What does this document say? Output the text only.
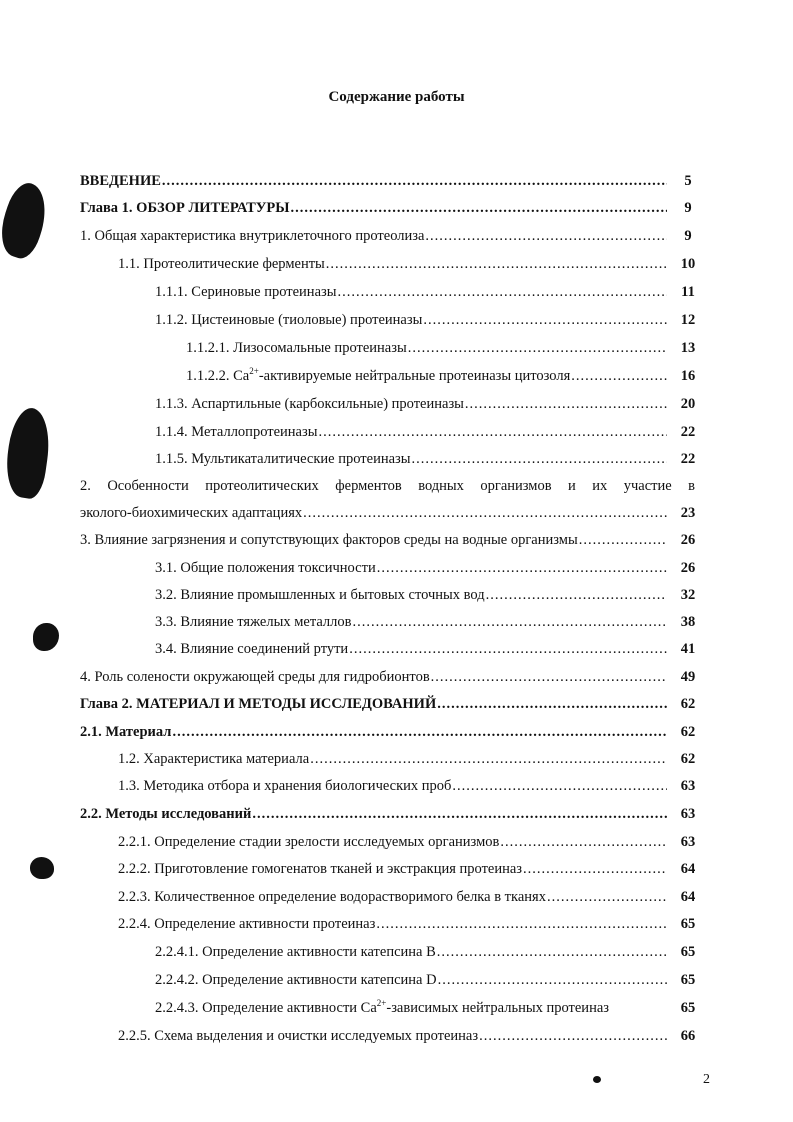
Содержание работы
ВВЕДЕНИЕ .....	5
Глава 1. ОБЗОР ЛИТЕРАТУРЫ .....	9
1. Общая характеристика внутриклеточного протеолиза .....	9
1.1. Протеолитические ферменты .....	10
1.1.1. Сериновые протеиназы .....	11
1.1.2. Цистеиновые (тиоловые) протеиназы .....	12
1.1.2.1. Лизосомальные протеиназы .....	13
1.1.2.2. $Са^{2+}$-активируемые нейтральные протеиназы цитозоля .....	16
1.1.3. Аспартильные (карбоксильные) протеиназы .....	20
1.1.4. Металлопротеиназы .....	22
1.1.5. Мультикаталитические протеиназы .....	22
2. Особенности протеолитических ферментов водных организмов и их участие в
эколого-биохимических адаптациях .....	23
3. Влияние загрязнения и сопутствующих факторов среды на водные организмы .....	26
3.1. Общие положения токсичности .....	26
3.2. Влияние промышленных и бытовых сточных вод .....	32
3.3. Влияние тяжелых металлов .....	38
3.4. Влияние соединений ртути .....	41
4. Роль солености окружающей среды для гидробионтов .....	49
Глава 2. МАТЕРИАЛ И МЕТОДЫ ИССЛЕДОВАНИЙ .....	62
2.1. Материал .....	62
1.2. Характеристика материала .....	62
1.3. Методика отбора и хранения биологических проб .....	63
2.2. Методы исследований .....	63
2.2.1. Определение стадии зрелости исследуемых организмов .....	63
2.2.2. Приготовление гомогенатов тканей и экстракция протеиназ .....	64
2.2.3. Количественное определение водорастворимого белка в тканях .....	64
2.2.4. Определение активности протеиназ .....	65
2.2.4.1. Определение активности катепсина В .....	65
2.2.4.2. Определение активности катепсина D .....	65
2.2.4.3. Определение активности $Са^{2+}$-зависимых нейтральных протеиназ	65
2.2.5. Схема выделения и очистки исследуемых протеиназ .....	66
2
